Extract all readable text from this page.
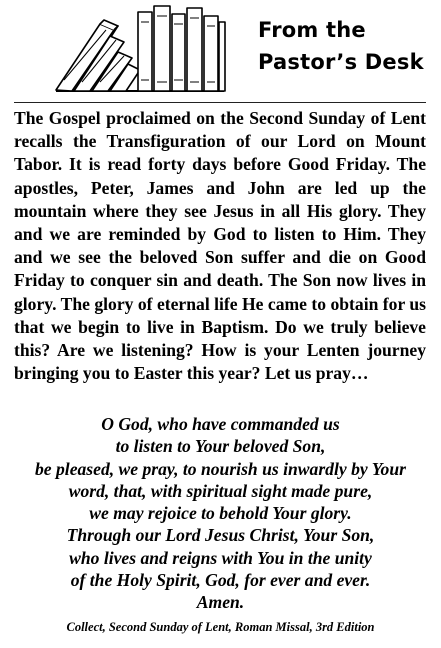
From the
Pastor’s Desk
The Gospel proclaimed on the Second Sunday of Lent recalls the Transfiguration of our Lord on Mount Tabor. It is read forty days before Good Friday. The apostles, Peter, James and John are led up the mountain where they see Jesus in all His glory. They and we are reminded by God to listen to Him. They and we see the beloved Son suffer and die on Good Friday to conquer sin and death. The Son now lives in glory. The glory of eternal life He came to obtain for us that we begin to live in Baptism. Do we truly believe this? Are we listening? How is your Lenten journey bringing you to Easter this year? Let us pray…
O God, who have commanded us
to listen to Your beloved Son,
be pleased, we pray, to nourish us inwardly by Your
word, that, with spiritual sight made pure,
we may rejoice to behold Your glory.
Through our Lord Jesus Christ, Your Son,
who lives and reigns with You in the unity
of the Holy Spirit, God, for ever and ever.
Amen.
Collect, Second Sunday of Lent, Roman Missal, 3rd Edition
